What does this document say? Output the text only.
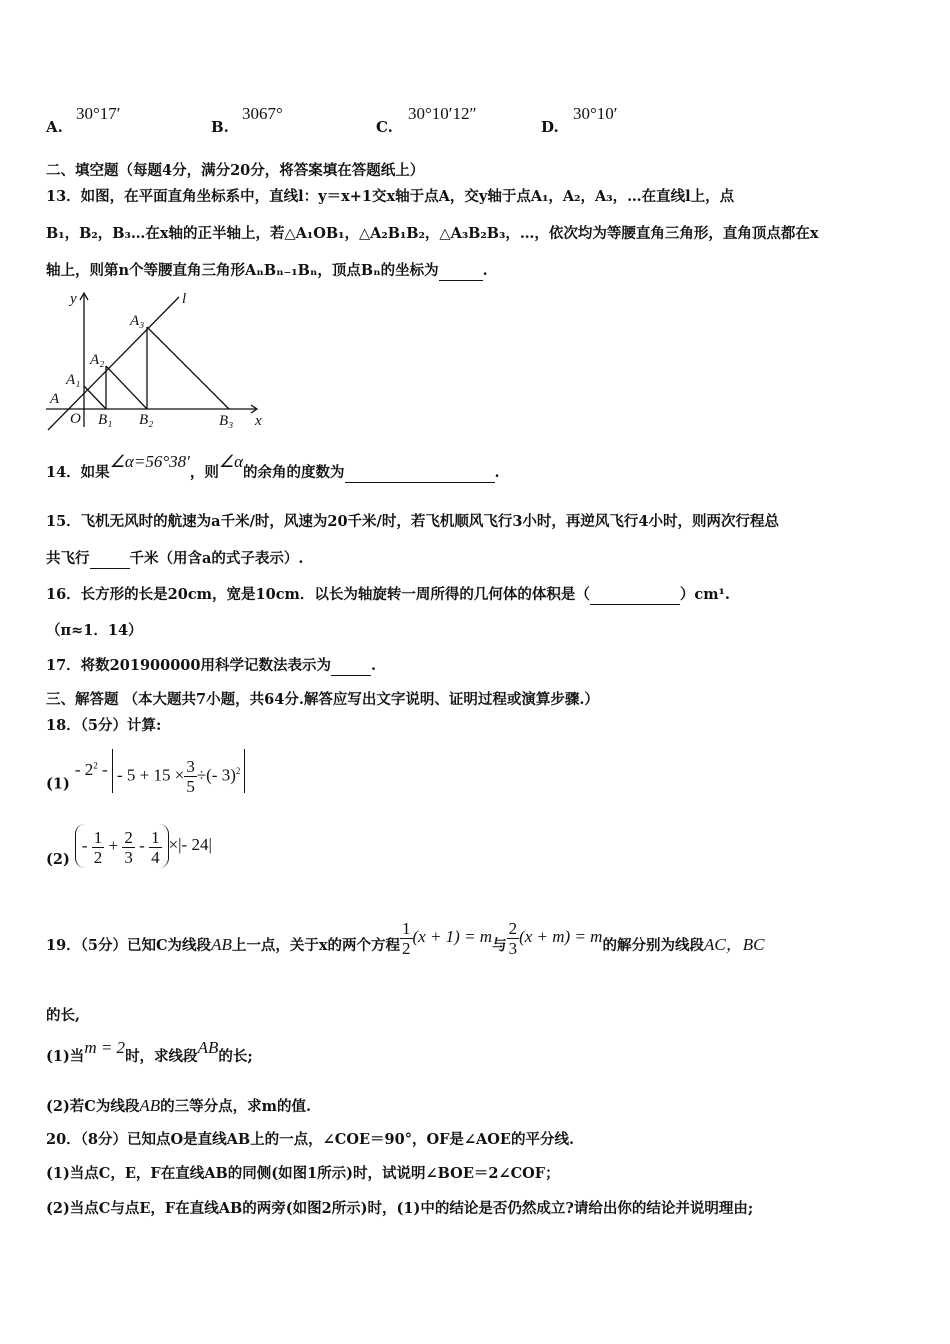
A.
30°17′
B.
3067°
C.
30°10′12″
D.
30°10′
二、填空题（每题4分，满分20分，将答案填在答题纸上）
13．如图，在平面直角坐标系中，直线l：y＝x+1交x轴于点A，交y轴于点A₁，A₂，A₃，…在直线l上，点
B₁，B₂，B₃…在x轴的正半轴上，若△A₁OB₁，△A₂B₁B₂，△A₃B₂B₃，…，依次均为等腰直角三角形，直角顶点都在x
轴上，则第n个等腰直角三角形AₙBₙ₋₁Bₙ，顶点Bₙ的坐标为	.
y	l
x
O
A
A₁
A₂
A₃
B₁ B₂	B₃
14．如果∠α=56°38′，则∠α的余角的度数为	.
15．飞机无风时的航速为a千米/时，风速为20千米/时，若飞机顺风飞行3小时，再逆风飞行4小时，则两次行程总
共飞行	千米（用含a的式子表示）.
16．长方形的长是20cm，宽是10cm．以长为轴旋转一周所得的几何体的体积是（	）cm¹.
（π≈1．14）
17．将数201900000用科学记数法表示为	.
三、解答题 （本大题共7小题，共64分.解答应写出文字说明、证明过程或演算步骤.）
18．（5分）计算:
$(1) - 2^2$ - - $5 + 15 \times \frac{3}{5}$ ÷(- 3)$^2$
$(2) - \frac{1}{2} + \frac{2}{3} - \frac{1}{4}$ ×|- 24|
19．（5分）已知C为线段AB上一点，关于x的两个方程 $\frac{1}{2} (x + 1) = m$与 $\frac{2}{3} (x + m) = m$的解分别为线段AC，BC
的长,
(1)当m = 2时，求线段AB的长;
(2)若C为线段AB的三等分点，求m的值.
20．（8分）已知点O是直线AB上的一点，∠COE＝90°，OF是∠AOE的平分线.
(1)当点C，E，F在直线AB的同侧(如图1所示)时，试说明∠BOE＝2∠COF；
(2)当点C与点E，F在直线AB的两旁(如图2所示)时，(1)中的结论是否仍然成立?请给出你的结论并说明理由;
